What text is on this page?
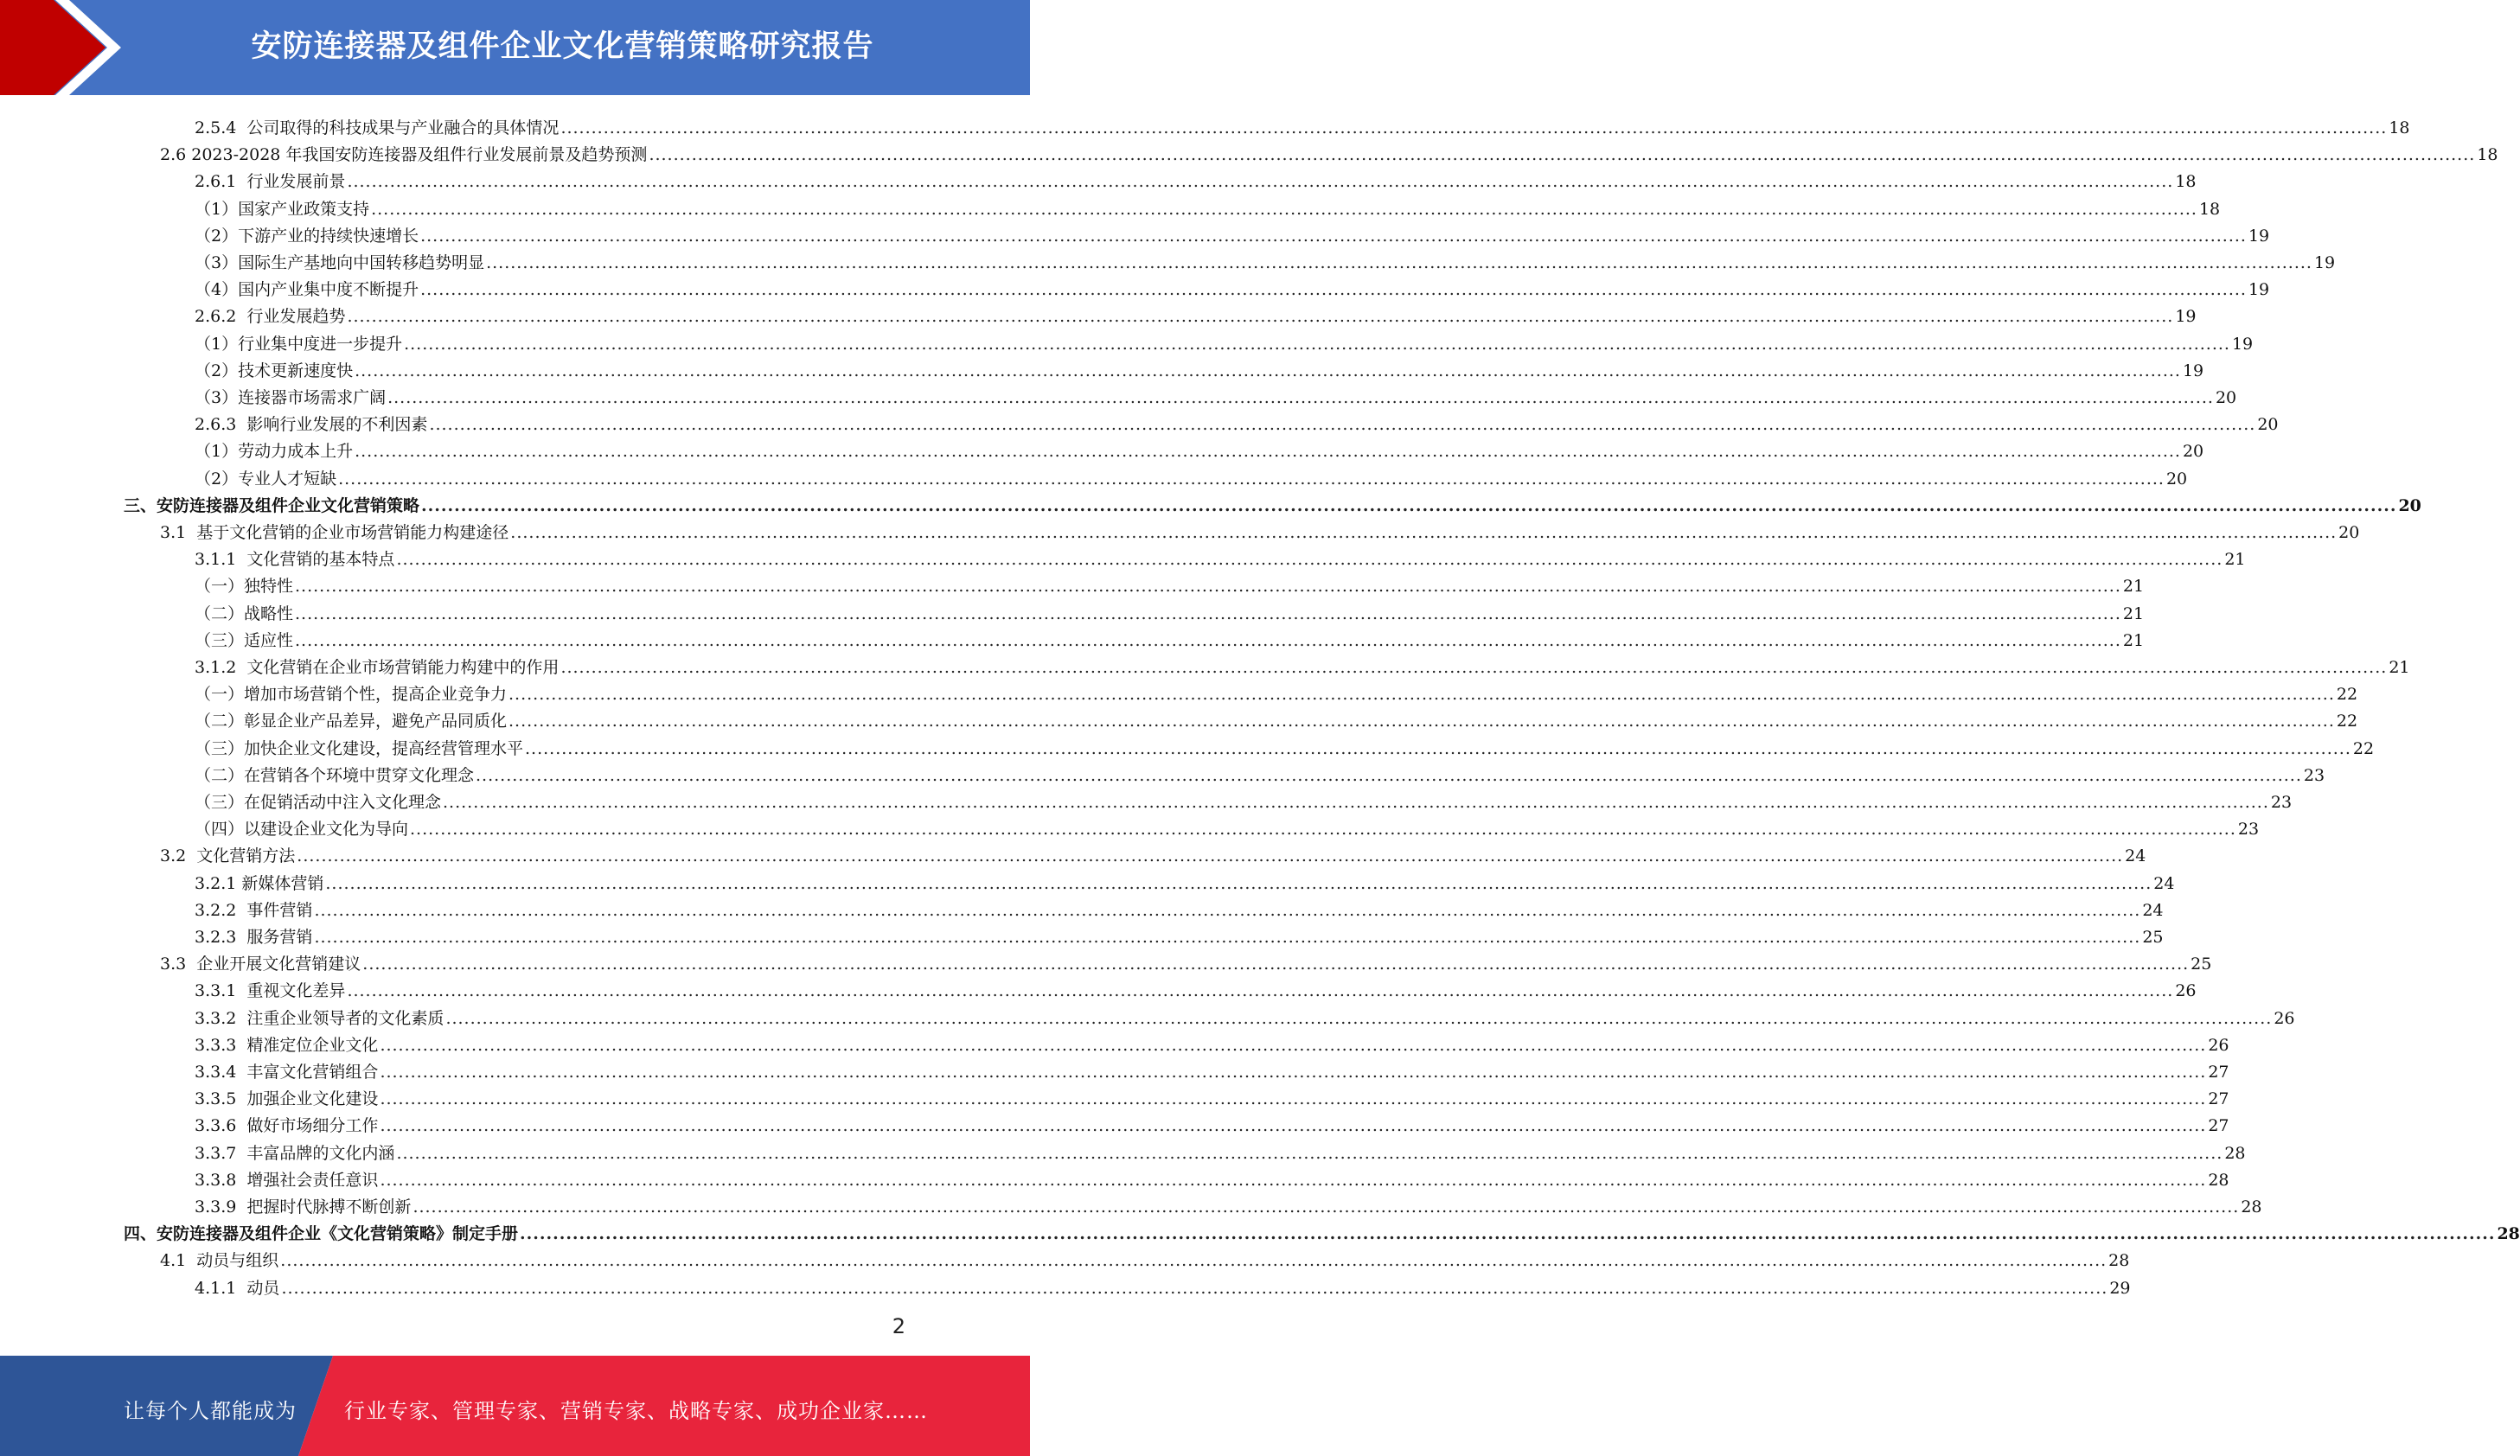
安防连接器及组件企业文化营销策略研究报告
2.5.4  公司取得的科技成果与产业融合的具体情况 ............................................................................................................................................................................................................................................................................................................ 18
2.6 2023-2028 年我国安防连接器及组件行业发展前景及趋势预测 ............................................................................................................................................................................................................................................................................................................ 18
2.6.1  行业发展前景 ............................................................................................................................................................................................................................................................................................................ 18
（1）国家产业政策支持 ............................................................................................................................................................................................................................................................................................................ 18
（2）下游产业的持续快速增长 ............................................................................................................................................................................................................................................................................................................ 19
（3）国际生产基地向中国转移趋势明显 ............................................................................................................................................................................................................................................................................................................ 19
（4）国内产业集中度不断提升 ............................................................................................................................................................................................................................................................................................................ 19
2.6.2  行业发展趋势 ............................................................................................................................................................................................................................................................................................................ 19
（1）行业集中度进一步提升 ............................................................................................................................................................................................................................................................................................................ 19
（2）技术更新速度快 ............................................................................................................................................................................................................................................................................................................ 19
（3）连接器市场需求广阔 ............................................................................................................................................................................................................................................................................................................ 20
2.6.3  影响行业发展的不利因素 ............................................................................................................................................................................................................................................................................................................ 20
（1）劳动力成本上升 ............................................................................................................................................................................................................................................................................................................ 20
（2）专业人才短缺 ............................................................................................................................................................................................................................................................................................................ 20
三、安防连接器及组件企业文化营销策略 ............................................................................................................................................................................................................................................................................................................ 20
3.1  基于文化营销的企业市场营销能力构建途径 ............................................................................................................................................................................................................................................................................................................ 20
3.1.1  文化营销的基本特点 ............................................................................................................................................................................................................................................................................................................ 21
（一）独特性 ............................................................................................................................................................................................................................................................................................................ 21
（二）战略性 ............................................................................................................................................................................................................................................................................................................ 21
（三）适应性 ............................................................................................................................................................................................................................................................................................................ 21
3.1.2  文化营销在企业市场营销能力构建中的作用 ............................................................................................................................................................................................................................................................................................................ 21
（一）增加市场营销个性，提高企业竞争力 ............................................................................................................................................................................................................................................................................................................ 22
（二）彰显企业产品差异，避免产品同质化 ............................................................................................................................................................................................................................................................................................................ 22
（三）加快企业文化建设，提高经营管理水平 ............................................................................................................................................................................................................................................................................................................ 22
（二）在营销各个环境中贯穿文化理念 ............................................................................................................................................................................................................................................................................................................ 23
（三）在促销活动中注入文化理念 ............................................................................................................................................................................................................................................................................................................ 23
（四）以建设企业文化为导向 ............................................................................................................................................................................................................................................................................................................ 23
3.2  文化营销方法 ............................................................................................................................................................................................................................................................................................................ 24
3.2.1 新媒体营销 ............................................................................................................................................................................................................................................................................................................ 24
3.2.2  事件营销 ............................................................................................................................................................................................................................................................................................................ 24
3.2.3  服务营销 ............................................................................................................................................................................................................................................................................................................ 25
3.3  企业开展文化营销建议 ............................................................................................................................................................................................................................................................................................................ 25
3.3.1  重视文化差异 ............................................................................................................................................................................................................................................................................................................ 26
3.3.2  注重企业领导者的文化素质 ............................................................................................................................................................................................................................................................................................................ 26
3.3.3  精准定位企业文化 ............................................................................................................................................................................................................................................................................................................ 26
3.3.4  丰富文化营销组合 ............................................................................................................................................................................................................................................................................................................ 27
3.3.5  加强企业文化建设 ............................................................................................................................................................................................................................................................................................................ 27
3.3.6  做好市场细分工作 ............................................................................................................................................................................................................................................................................................................ 27
3.3.7  丰富品牌的文化内涵 ............................................................................................................................................................................................................................................................................................................ 28
3.3.8  增强社会责任意识 ............................................................................................................................................................................................................................................................................................................ 28
3.3.9  把握时代脉搏不断创新 ............................................................................................................................................................................................................................................................................................................ 28
四、安防连接器及组件企业《文化营销策略》制定手册 ............................................................................................................................................................................................................................................................................................................ 28
4.1  动员与组织 ............................................................................................................................................................................................................................................................................................................ 28
4.1.1  动员 ............................................................................................................................................................................................................................................................................................................ 29
2
让每个人都能成为 行业专家、管理专家、营销专家、战略专家、成功企业家……
